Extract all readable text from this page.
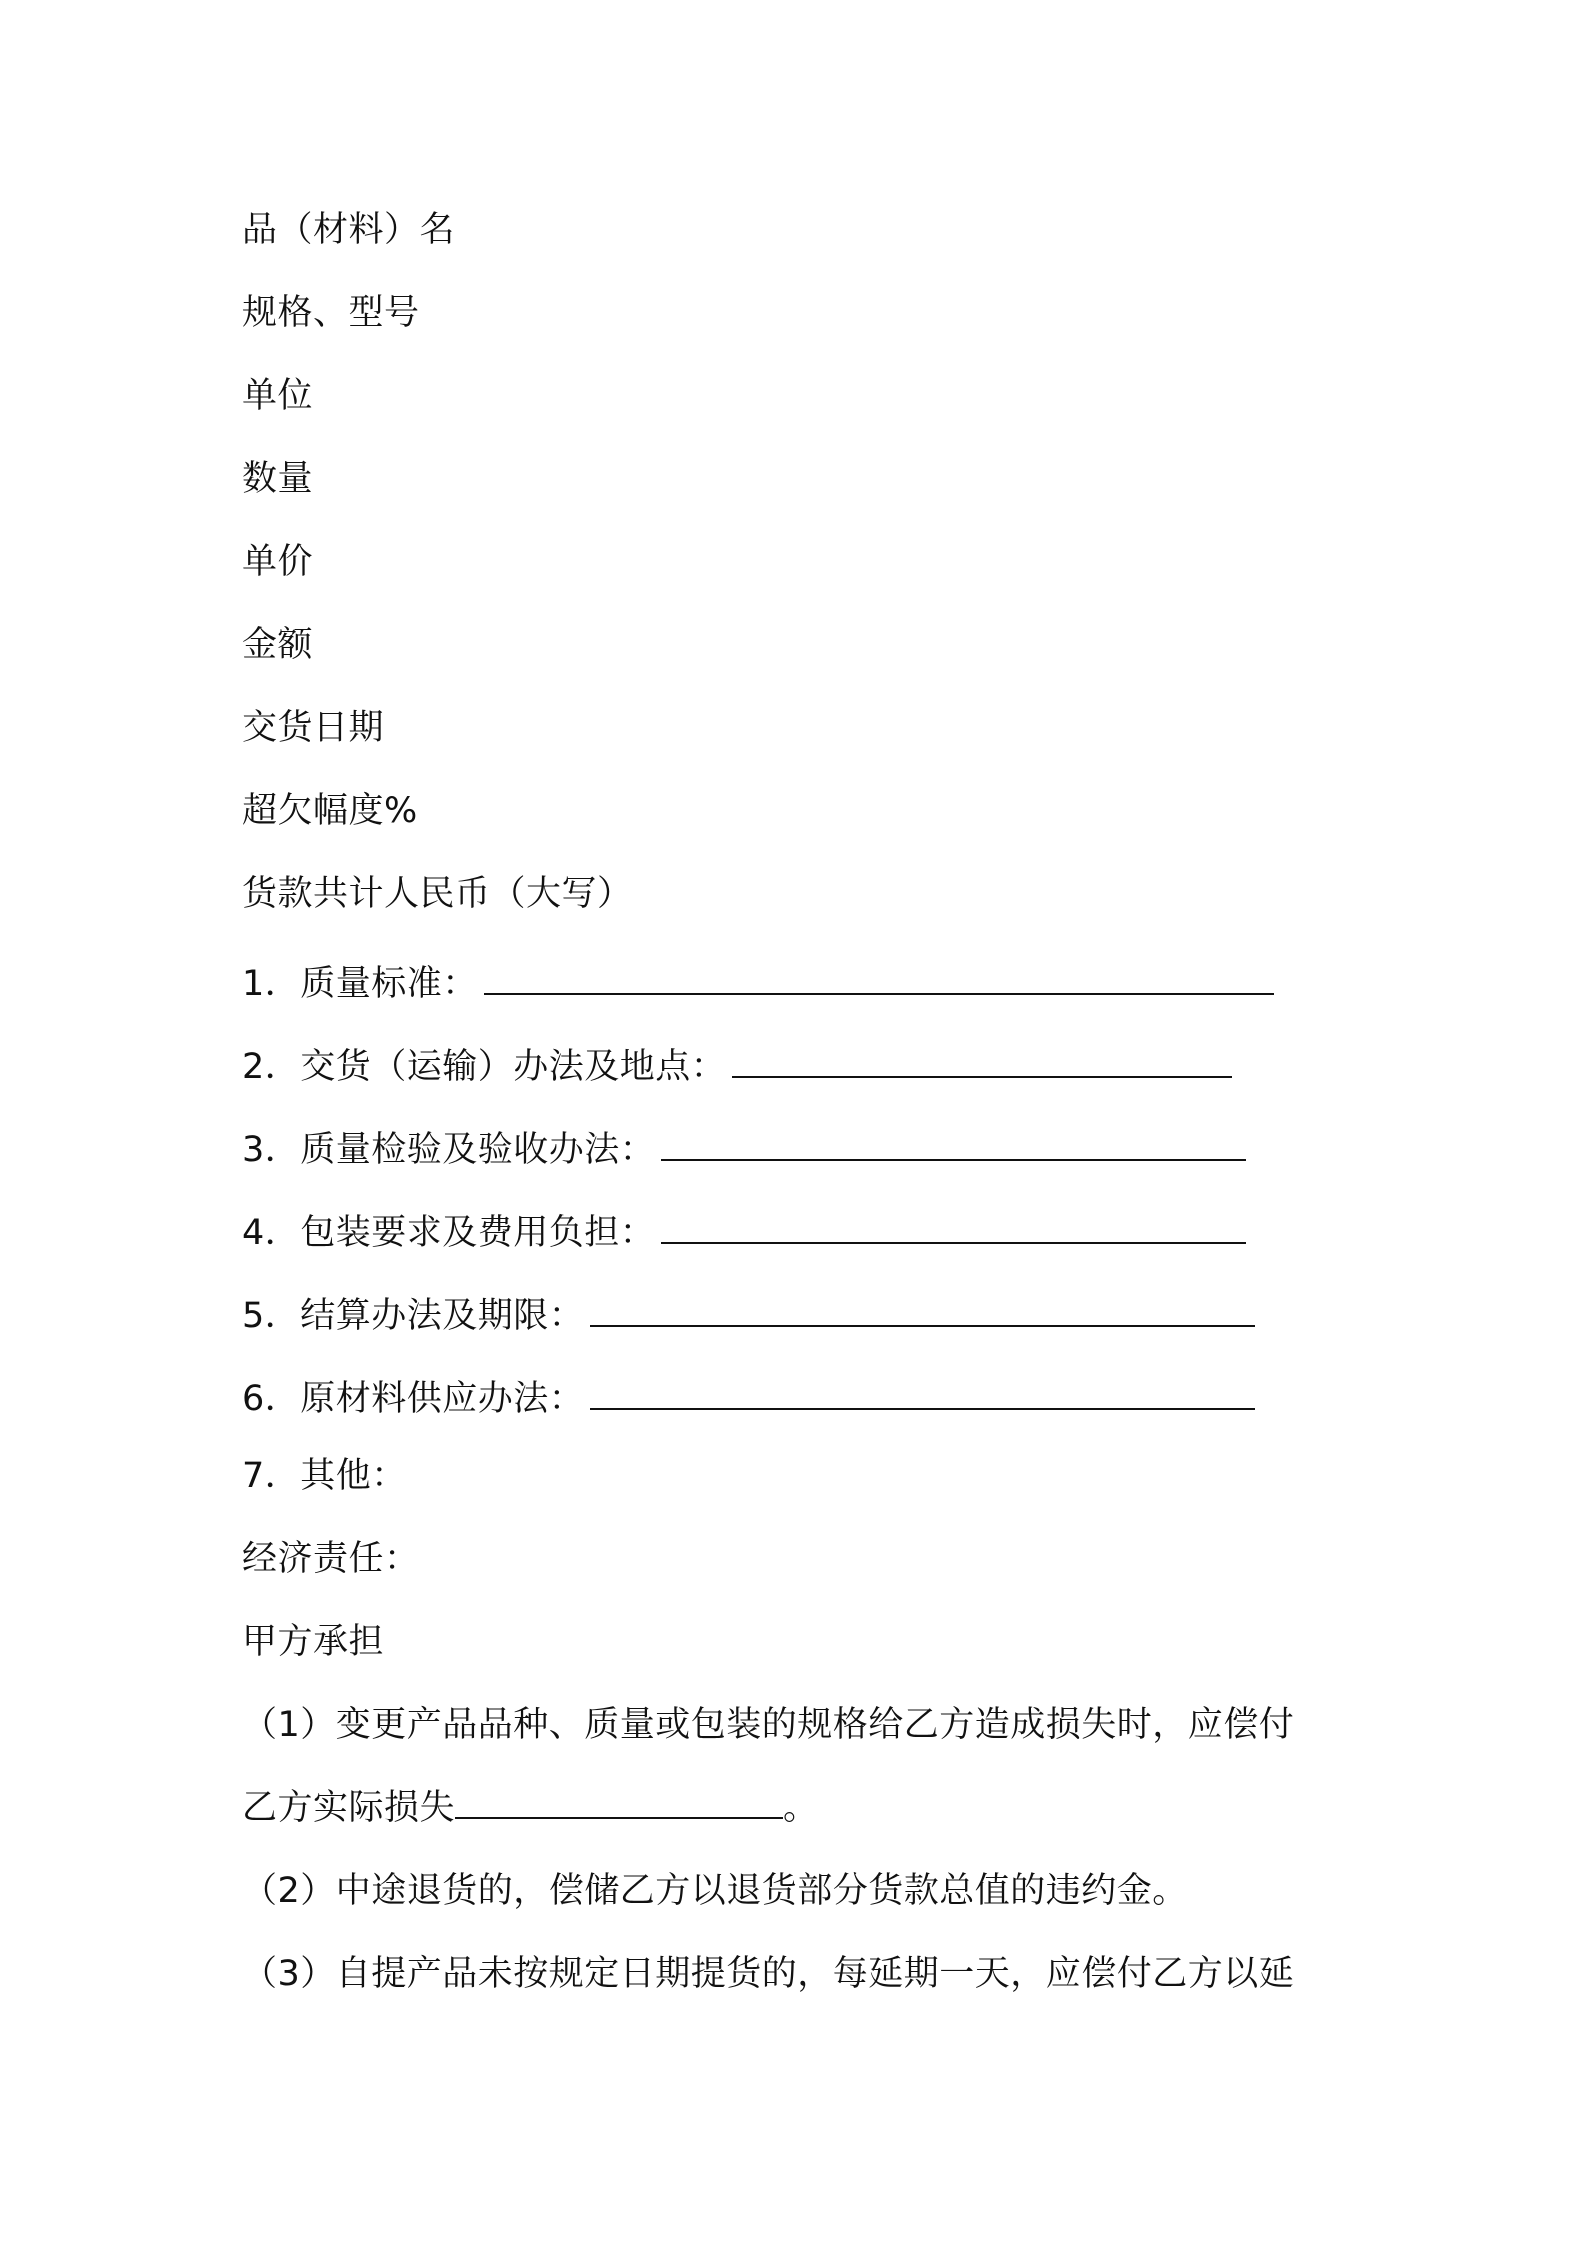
品（材料）名
规格、型号
单位
数量
单价
金额
交货日期
超欠幅度%
货款共计人民币（大写）
1．质量标准：
2．交货（运输）办法及地点：
3．质量检验及验收办法：
4．包装要求及费用负担：
5．结算办法及期限：
6．原材料供应办法：
7．其他：
经济责任：
甲方承担
（1）变更产品品种、质量或包装的规格给乙方造成损失时，应偿付
乙方实际损失	。
（2）中途退货的，偿储乙方以退货部分货款总值的违约金。
（3）自提产品未按规定日期提货的，每延期一天，应偿付乙方以延
